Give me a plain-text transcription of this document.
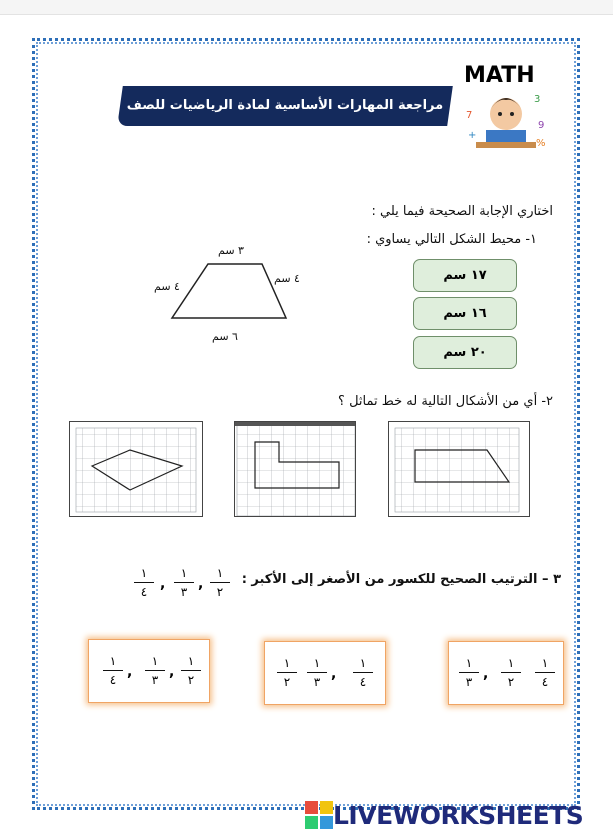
مراجعة المهارات الأساسية لمادة الرياضيات للصف الرابع
MATH
7
3
9
+
%
اختاري الإجابة الصحيحة فيما يلي :
١- محيط الشكل التالي يساوي :
٣ سم
٤ سم
٤ سم
٦ سم
١٧ سم
١٦ سم
٢٠ سم
٢- أي من الأشكال التالية له خط تماثل ؟
٣ – الترتيب الصحيح للكسور من الأصغر إلى الأكبر :
١
٤ ,
١
٣ ,
١
٢
١
٤ ,
١
٣ ,
١
٢
١
٢
١
٣ ,
١
٤
١
٣ ,
١
٢
١
٤
LIVEWORKSHEETS
